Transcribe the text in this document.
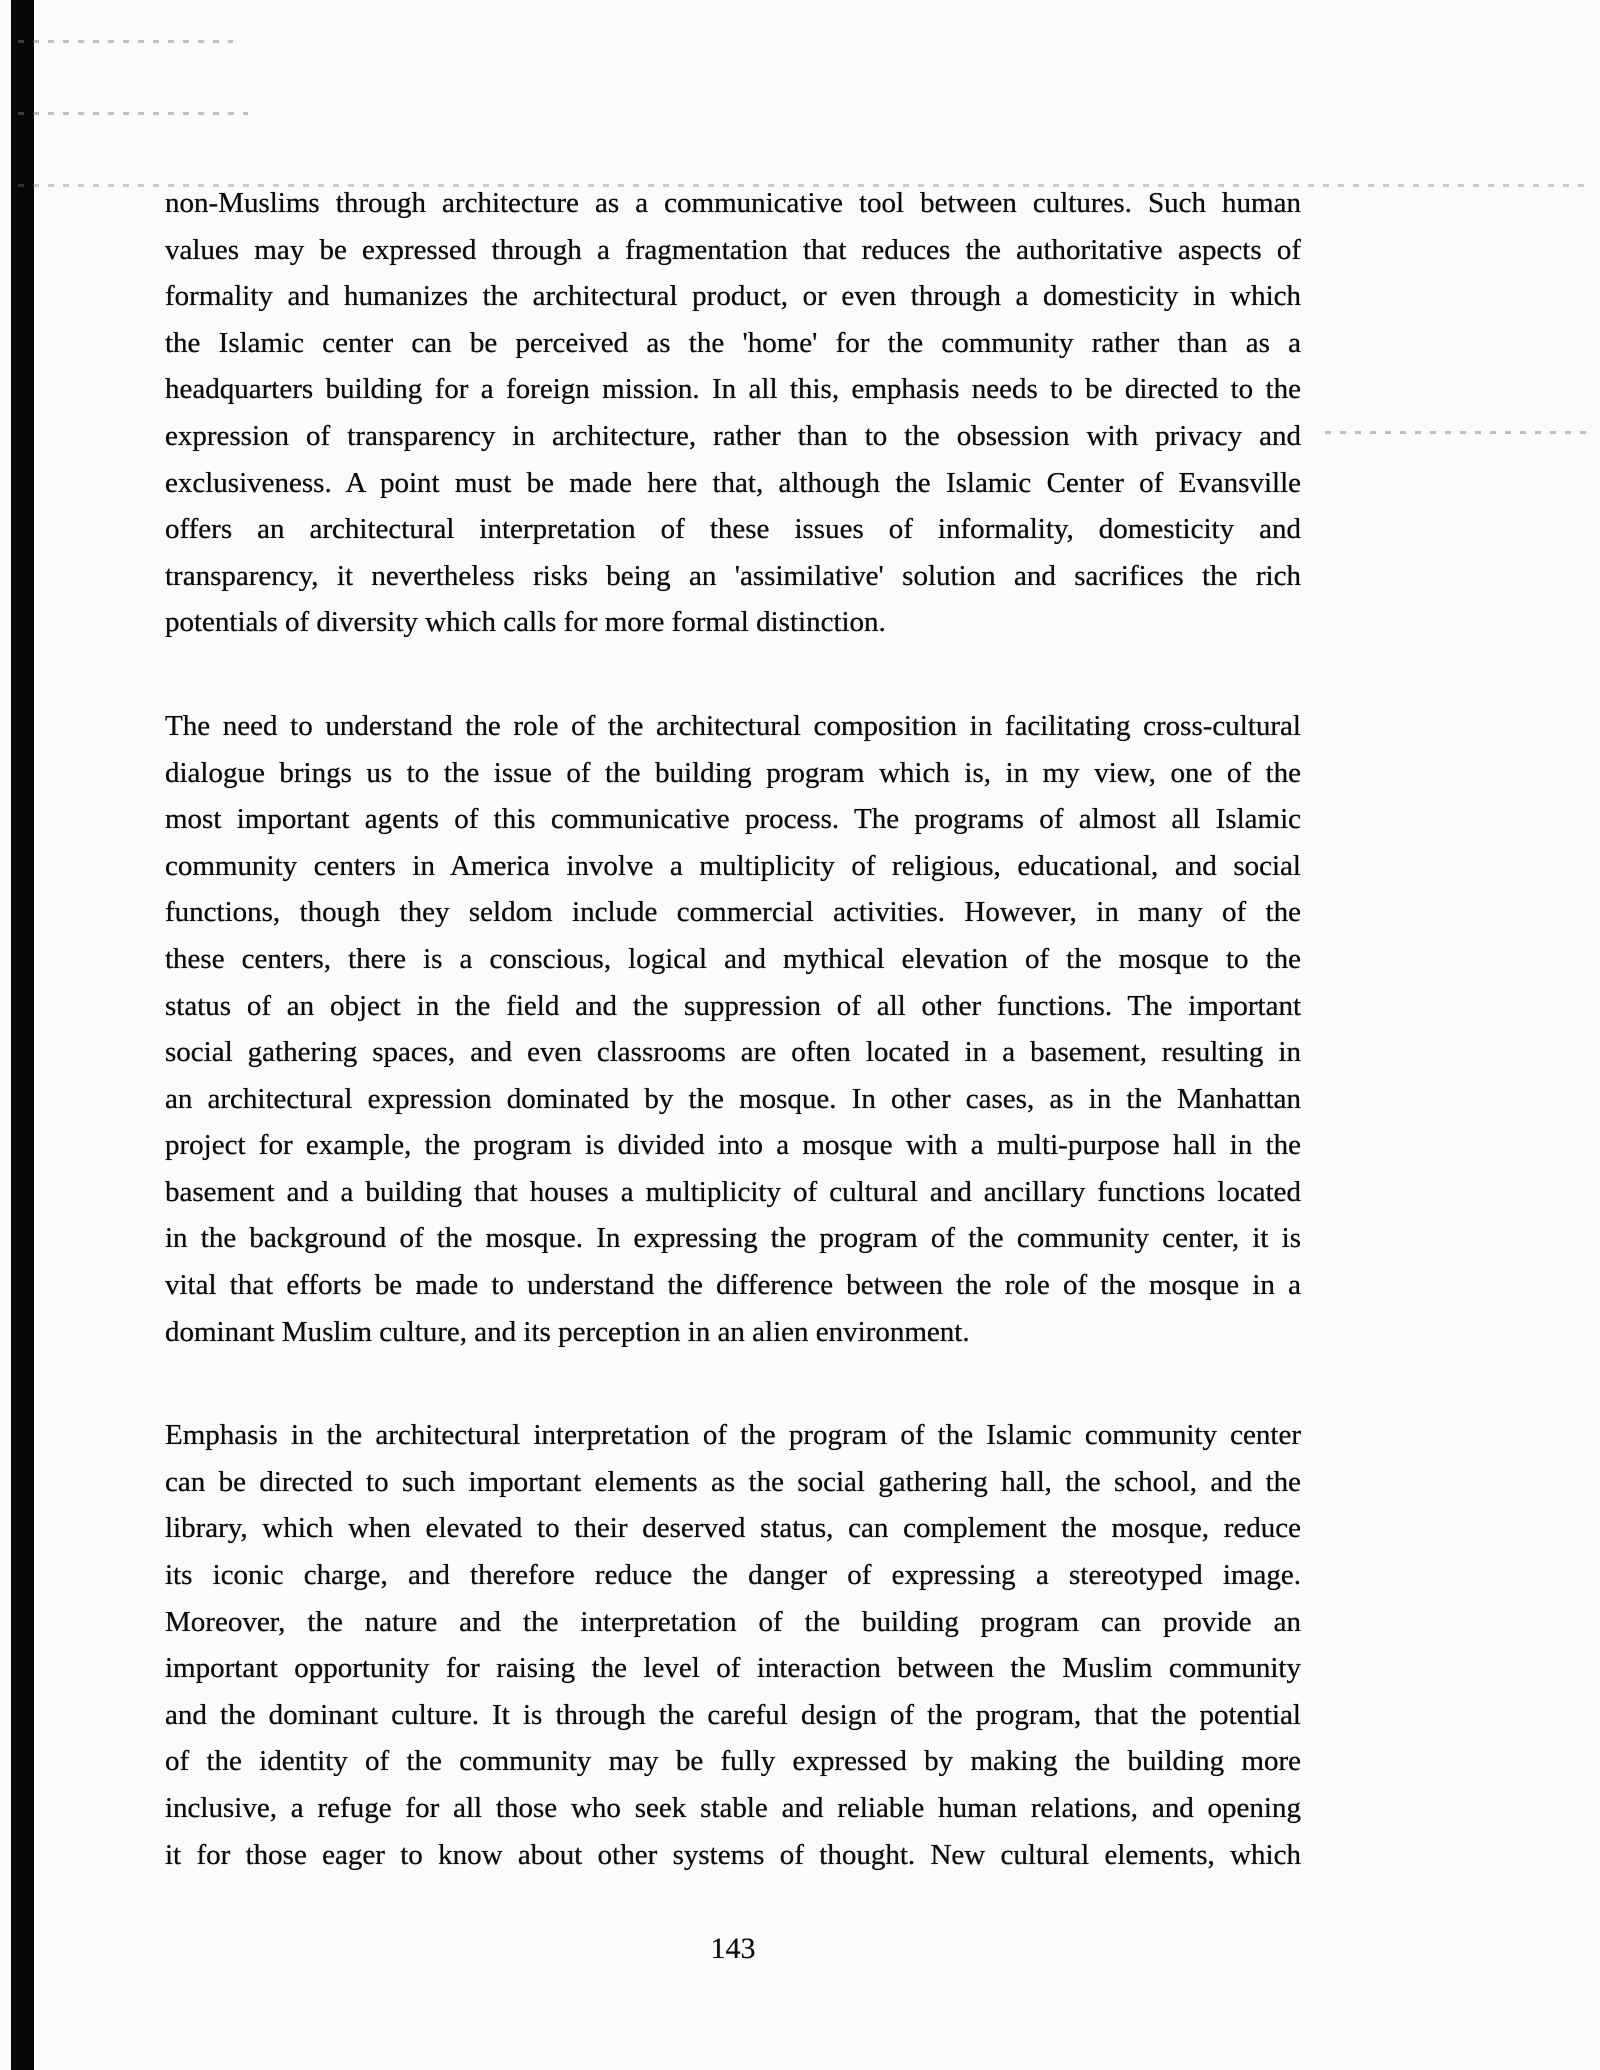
non-Muslims through architecture as a communicative tool between cultures. Such human
values may be expressed through a fragmentation that reduces the authoritative aspects of
formality and humanizes the architectural product, or even through a domesticity in which
the Islamic center can be perceived as the 'home' for the community rather than as a
headquarters building for a foreign mission. In all this, emphasis needs to be directed to the
expression of transparency in architecture, rather than to the obsession with privacy and
exclusiveness. A point must be made here that, although the Islamic Center of Evansville
offers an architectural interpretation of these issues of informality, domesticity and
transparency, it nevertheless risks being an 'assimilative' solution and sacrifices the rich
potentials of diversity which calls for more formal distinction.
The need to understand the role of the architectural composition in facilitating cross-cultural
dialogue brings us to the issue of the building program which is, in my view, one of the
most important agents of this communicative process. The programs of almost all Islamic
community centers in America involve a multiplicity of religious, educational, and social
functions, though they seldom include commercial activities. However, in many of the
these centers, there is a conscious, logical and mythical elevation of the mosque to the
status of an object in the field and the suppression of all other functions. The important
social gathering spaces, and even classrooms are often located in a basement, resulting in
an architectural expression dominated by the mosque. In other cases, as in the Manhattan
project for example, the program is divided into a mosque with a multi-purpose hall in the
basement and a building that houses a multiplicity of cultural and ancillary functions located
in the background of the mosque. In expressing the program of the community center, it is
vital that efforts be made to understand the difference between the role of the mosque in a
dominant Muslim culture, and its perception in an alien environment.
Emphasis in the architectural interpretation of the program of the Islamic community center
can be directed to such important elements as the social gathering hall, the school, and the
library, which when elevated to their deserved status, can complement the mosque, reduce
its iconic charge, and therefore reduce the danger of expressing a stereotyped image.
Moreover, the nature and the interpretation of the building program can provide an
important opportunity for raising the level of interaction between the Muslim community
and the dominant culture. It is through the careful design of the program, that the potential
of the identity of the community may be fully expressed by making the building more
inclusive, a refuge for all those who seek stable and reliable human relations, and opening
it for those eager to know about other systems of thought. New cultural elements, which
143
